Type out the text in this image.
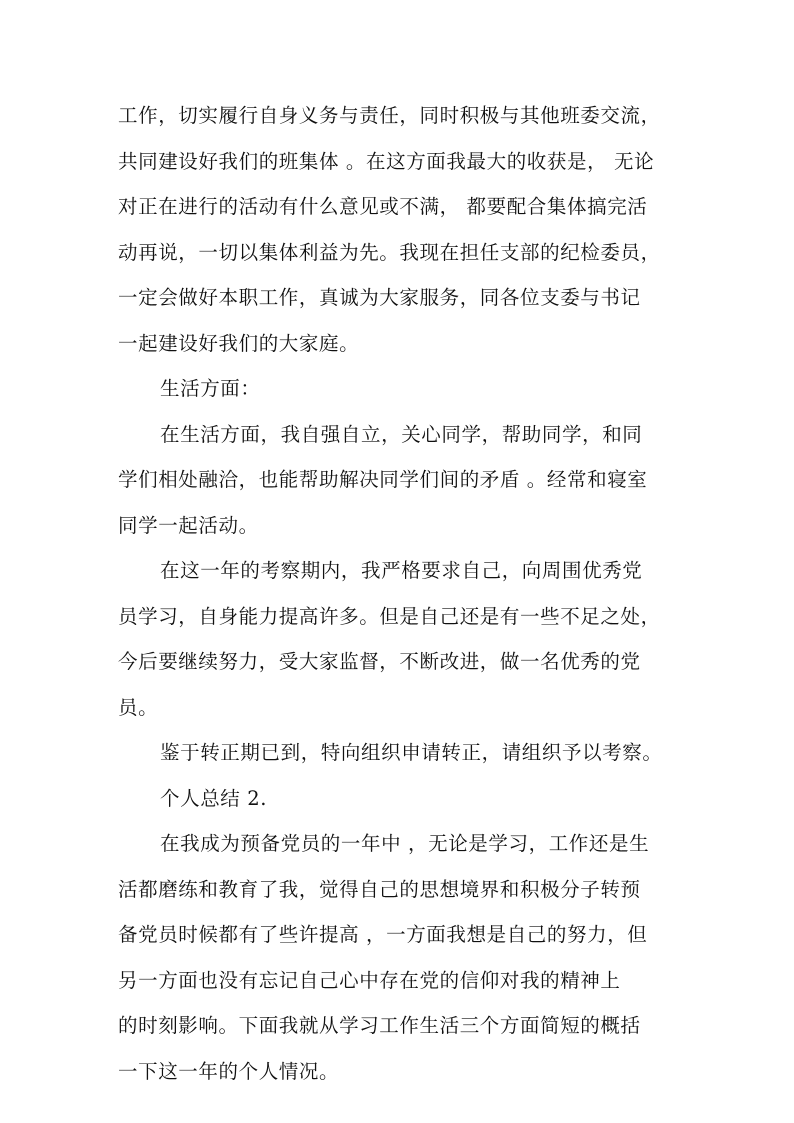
工作，切实履行自身义务与责任，同时积极与其他班委交流，
共同建设好我们的班集体 。在这方面我最大的收获是， 无论
对正在进行的活动有什么意见或不满， 都要配合集体搞完活
动再说，一切以集体利益为先。我现在担任支部的纪检委员，
一定会做好本职工作，真诚为大家服务，同各位支委与书记
一起建设好我们的大家庭。
生活方面：
在生活方面，我自强自立，关心同学，帮助同学，和同
学们相处融洽，也能帮助解决同学们间的矛盾 。经常和寝室
同学一起活动。
在这一年的考察期内，我严格要求自己，向周围优秀党
员学习，自身能力提高许多。但是自己还是有一些不足之处，
今后要继续努力，受大家监督，不断改进，做一名优秀的党
员。
鉴于转正期已到，特向组织申请转正，请组织予以考察。
个人总结 2.
在我成为预备党员的一年中 ，无论是学习，工作还是生
活都磨练和教育了我，觉得自己的思想境界和积极分子转预
备党员时候都有了些许提高 ，一方面我想是自己的努力，但
另一方面也没有忘记自己心中存在党的信仰对我的精神上
的时刻影响。下面我就从学习工作生活三个方面简短的概括
一下这一年的个人情况。
